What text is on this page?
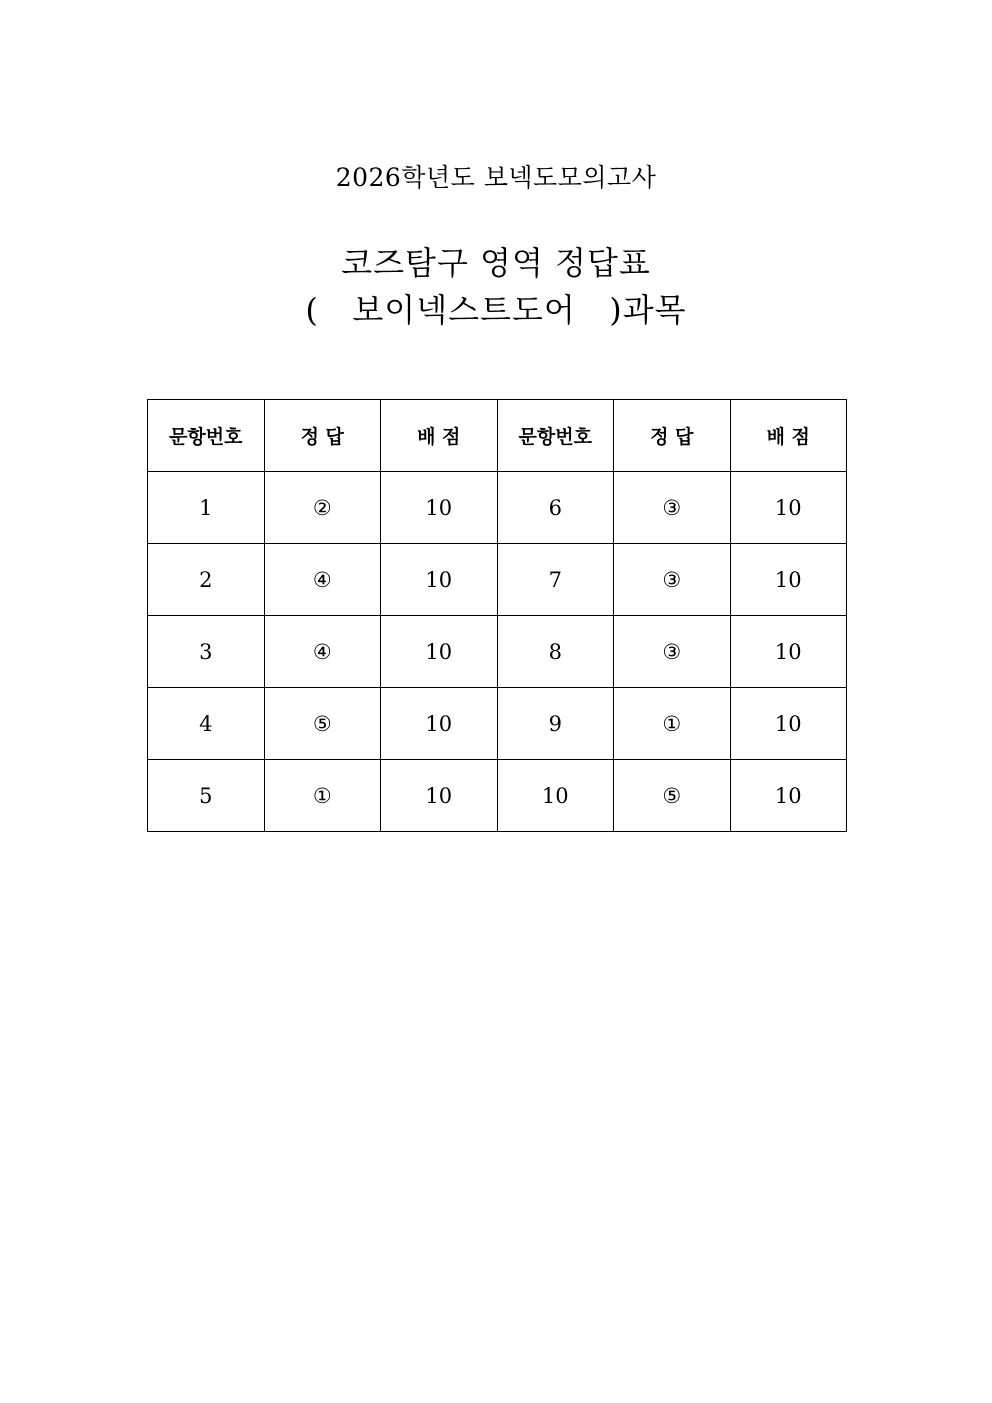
2026학년도 보넥도모의고사
코즈탐구 영역 정답표
(   보이넥스트도어   )과목
문항번호	정 답	배 점	문항번호	정 답	배 점
1	②	10	6	③	10
2	④	10	7	③	10
3	④	10	8	③	10
4	⑤	10	9	①	10
5	①	10	10	⑤	10
